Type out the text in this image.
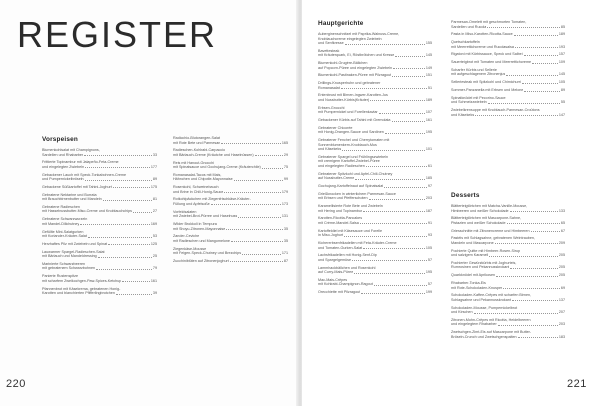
REGISTER
Vorspeisen
Blumenkohlsalat mit Champignons,
Sardellen und Rhabarber	33
Frittierte Topinambur mit Jalapeño-Feta-Creme
und eingelegten Zwiebeln	177
Gebackener Lauch mit Speck-Tonkabohnen-Creme
und Pumpernickelbröseln	89
Gebackene Süßkartoffel mit Tahini-Joghurt	175
Gebratene Nektarine und Burrata
mit Brauchbirnenbutter und Mandeln	81
Gebratene Radieschen
mit Hasselnussbutter-Miso-Creme und Knoblauchchips	27
Gebratene Schwarzwurzeln
mit Mandel-Dillchutney	169
Gefüllte Mini-Salatgurken
mit Koriander-Kräuter-Salat	53
Herzhaftes Pilz mit Zwiebeln und Spinat	125
Lauwarmer Spargel-Radieschen-Salat
mit Bärlauch und Mandeldressing	25
Marinierte Schwarzbeeren
mit gebratenem Schwarzbohnen	79
Panierte Rustenspitze
mit scharfem Zweikochgen-Paw-Spices-Ketchup	161
Pfannenbrot mit Käsekrema, gebratenen Honig-
Karotten und blanchierten Pfifferlingbrotchen	39
Radicchio-Blutorangen-Salat
mit Rote Bete und Parmesan	165
Radieschen-Kohlrabi-Carpaccio
mit Bärlauch-Creme (Kräutche und Haselnüssen)	29
Reis mit Hanout-Gnocchi
mit Spinatsauce und Gochujang-Creme (Kräuterchile)	75
Romanasalat-Tacos mit Mais,
Hähnchen und Chipotle-Mayonnaise	99
Rosenkohl, Schweinebauch
und Brine in Chili-Honig-Sauce	179
Rotkohlpäckchen mit Ziegenfrischkäse-Kräuter-
Füllung und Apfelsoße	173
Vorfeldsalaten
mit Zwiebel-Brot-Pürree und Haselnuss	131
Wilder Brokkoli in Tempura
mit Shoyu-Zitronen-Mayonnaise	35
Zander-Ceviche
mit Radieschen und Mangomelone	35
Ziegenkäse-Mousse
mit Feigen-Speck-Chutney und Brezchips	171
Zucchiniblüten auf Zitronenjoghurt	87
Hauptgerichte
Auberginenschnitzel mit Paprika-Walnuss-Creme,
Knoblauchcreme eingelegten Zwiebeln
und Senfkresse	155
Bavettesteak
mit Kräuterquark, Ei, Röstbrötchen und Kresse	145
Blumenkohl-Grugère-Bällchen
auf Popcorn-Püree und eingelegten Zwiebeln	149
Blumenkohl-Pastinaken-Püree mit Pilzragout	151
Drillings-Knusperhuhn und gebratener
Romanasalat	51
Entenbrust mit Birnen-Ingwer-Karotten-Jus
und Nussbutter-Kürbis(Kräuter)	189
Erbsen-Gnocchi
mit Pumpernickel und Forellenkaviar	107
Gebackener Kürbis auf Tahini mit Gremolata	161
Gebratener Chicorée
mit Honig-Orangen-Sauce und Sardinen	195
Gebratener Fenchel und Cherrytomaten mit
Sonnenblumenkern-Knoblauch-Mus
und Käsekeks	101
Gebratener Spargel und Frühlingszwiebeln
mit cremigem Kartoffel-Zwiebel-Püree
und eingelegten Radieschen	61
Gebratener Spitzkohl und Apfel-Chili-Chutney
auf Nussbutter-Creme	185
Gochujang-Kartoffelnaut auf Spinatsalat	97
Grießknocken in winterlichem Parmesan-Sauce
mit Erbsen und Pfefferschoten	203
Karamellisierte Rote Bete und Zwiebeln
mit Hering und Topinambur	187
Karotten-Ricotta-Pancakes
mit Crème-Mandel-Salsa	91
Kartoffeldiel mit Käsesauce und Forelle
in Miso-Joghurt	93
Kichererbsenfrikadellen mit Feta-Kräuter-Creme
und Tomaten-Gurken-Salat	105
Lachsfrikadellen mit Honig-Senf-Dip
und Spargelgemüse	57
Lammhackbällchen und Rosenkohl
auf Curry-Mais-Püree	195
Mac-Mais-Crêpes
mit Kohlrabi-Champignon-Ragout	57
Orecchiette mit Pilzragout	199
Parmesan-Omelett mit geschmorten Tomaten,
Sardellen und Rucola	85
Pasta in Miso-Karotten-Ricotta-Sauce	189
Quetschkartoffeln
mit Meerrettichcreme und Rucolasalsa	193
Rigatoni mit Kürbissauce, Speck und Salbei	157
Sauerteigbrot mit Tomaten und Meerrettichcreme	109
Scharfer Kürbis und Sellerie
mit aufgeschlagenem Zitronenjus	145
Selleriesteak mit Spitzkohl und Chimichurri	105
Sommer-Panzanella mit Erbsen und Melone	89
Spinatknödel mit Pecorino-Sauce
und Schmelzzwiebeln	55
Zwiebelkrensuppe mit Knoblauch-Parmesan-Croûtons
und Käsekeks	147
Desserts
Blätterteigtörtchen mit Matcha-Vanille-Mousse,
Himbeeren und weißer Schokolade	133
Blätterteigtörtchen mit Mascarpone-Sahne,
Pistazien und weißer Schokolade	65
Griesschnitte mit Zitronencreme und Himbeeren	67
Pastéis mit Schlagsahne, gebratenen Weintrauben,
Mandeln und Mascarpone	209
Pochierte Quitte mit Himbeer-Rosen-Sirup
und salzigem Karamell	205
Pochierter Gewürzkürbis mit Joghurteis,
Rumrosinen und Pekannusskrokant	205
Quarkknödel mit Aprikosen	205
Rhabarber-Tonka-Eis
mit Rote-Schokoladen-Knusper	69
Schokoladen-Kaffee-Crêpes mit scharfen Birnen,
Schlagsahne und Pekannusskrokant	137
Schokoladen-Mousse, Pumpernickelbrot
und Kirschen	207
Zitronen-Mohn-Crêpes mit Ricotta, Heidelbeeren
und eingelegtem Rhabarber	203
Zwetschgen-Zimt-Eis auf Mascarpone mit Butter-
Bröseln-Crunch und Zwetschgenspalten	183
220	221
